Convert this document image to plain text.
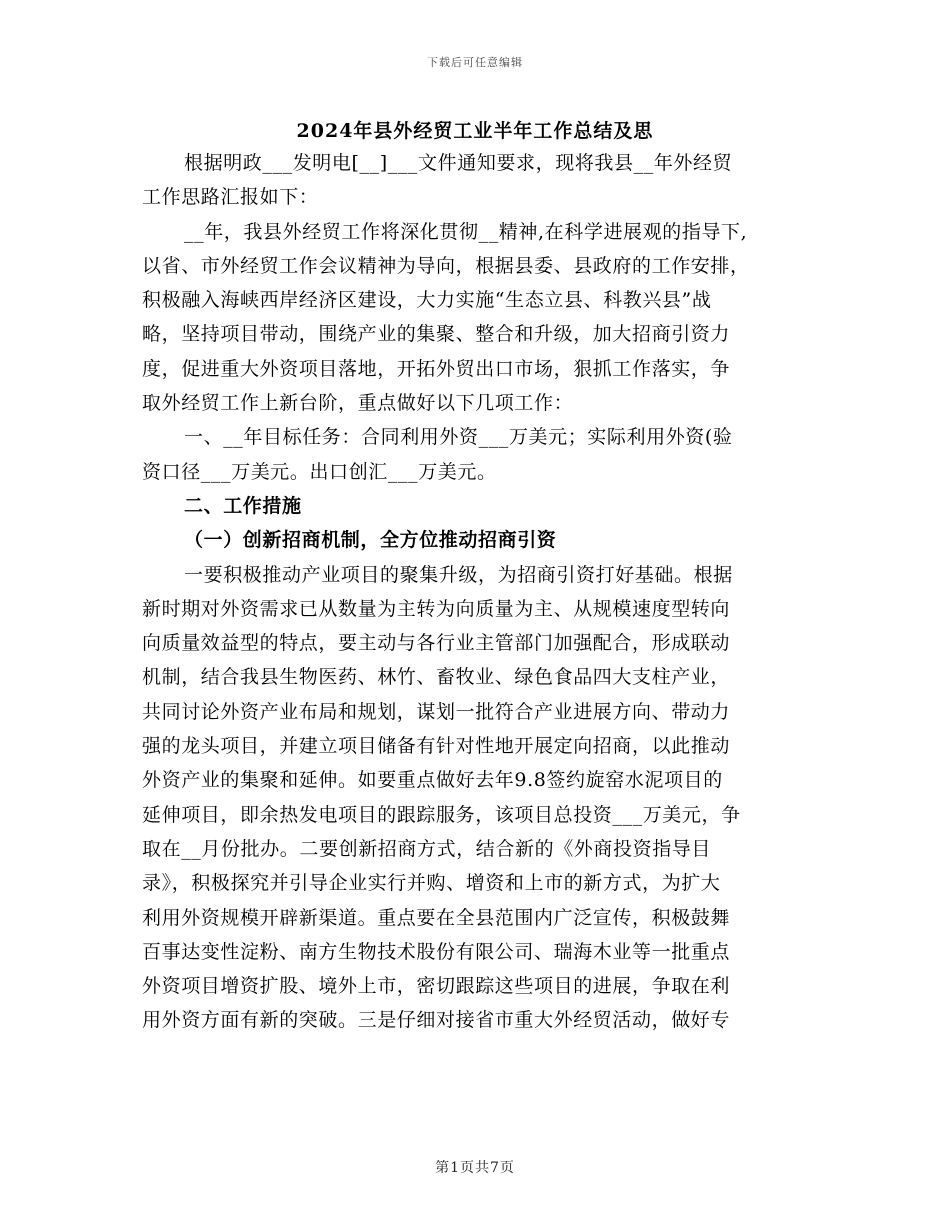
下载后可任意编辑
2024年县外经贸工业半年工作总结及思
根据明政___发明电[__]___文件通知要求，现将我县__年外经贸
工作思路汇报如下：
__年，我县外经贸工作将深化贯彻__精神,在科学进展观的指导下,
以省、市外经贸工作会议精神为导向，根据县委、县政府的工作安排，
积极融入海峡西岸经济区建设，大力实施“生态立县、科教兴县”战
略，坚持项目带动，围绕产业的集聚、整合和升级，加大招商引资力
度，促进重大外资项目落地，开拓外贸出口市场，狠抓工作落实，争
取外经贸工作上新台阶，重点做好以下几项工作：
一、__年目标任务：合同利用外资___万美元；实际利用外资(验
资口径___万美元。出口创汇___万美元。
二、工作措施
（一）创新招商机制，全方位推动招商引资
一要积极推动产业项目的聚集升级，为招商引资打好基础。根据
新时期对外资需求已从数量为主转为向质量为主、从规模速度型转向
向质量效益型的特点，要主动与各行业主管部门加强配合，形成联动
机制，结合我县生物医药、林竹、畜牧业、绿色食品四大支柱产业，
共同讨论外资产业布局和规划，谋划一批符合产业进展方向、带动力
强的龙头项目，并建立项目储备有针对性地开展定向招商，以此推动
外资产业的集聚和延伸。如要重点做好去年9.8签约旋窑水泥项目的
延伸项目，即余热发电项目的跟踪服务，该项目总投资___万美元，争
取在__月份批办。二要创新招商方式，结合新的《外商投资指导目
录》，积极探究并引导企业实行并购、增资和上市的新方式，为扩大
利用外资规模开辟新渠道。重点要在全县范围内广泛宣传，积极鼓舞
百事达变性淀粉、南方生物技术股份有限公司、瑞海木业等一批重点
外资项目增资扩股、境外上市，密切跟踪这些项目的进展，争取在利
用外资方面有新的突破。三是仔细对接省市重大外经贸活动，做好专
第1页共7页
